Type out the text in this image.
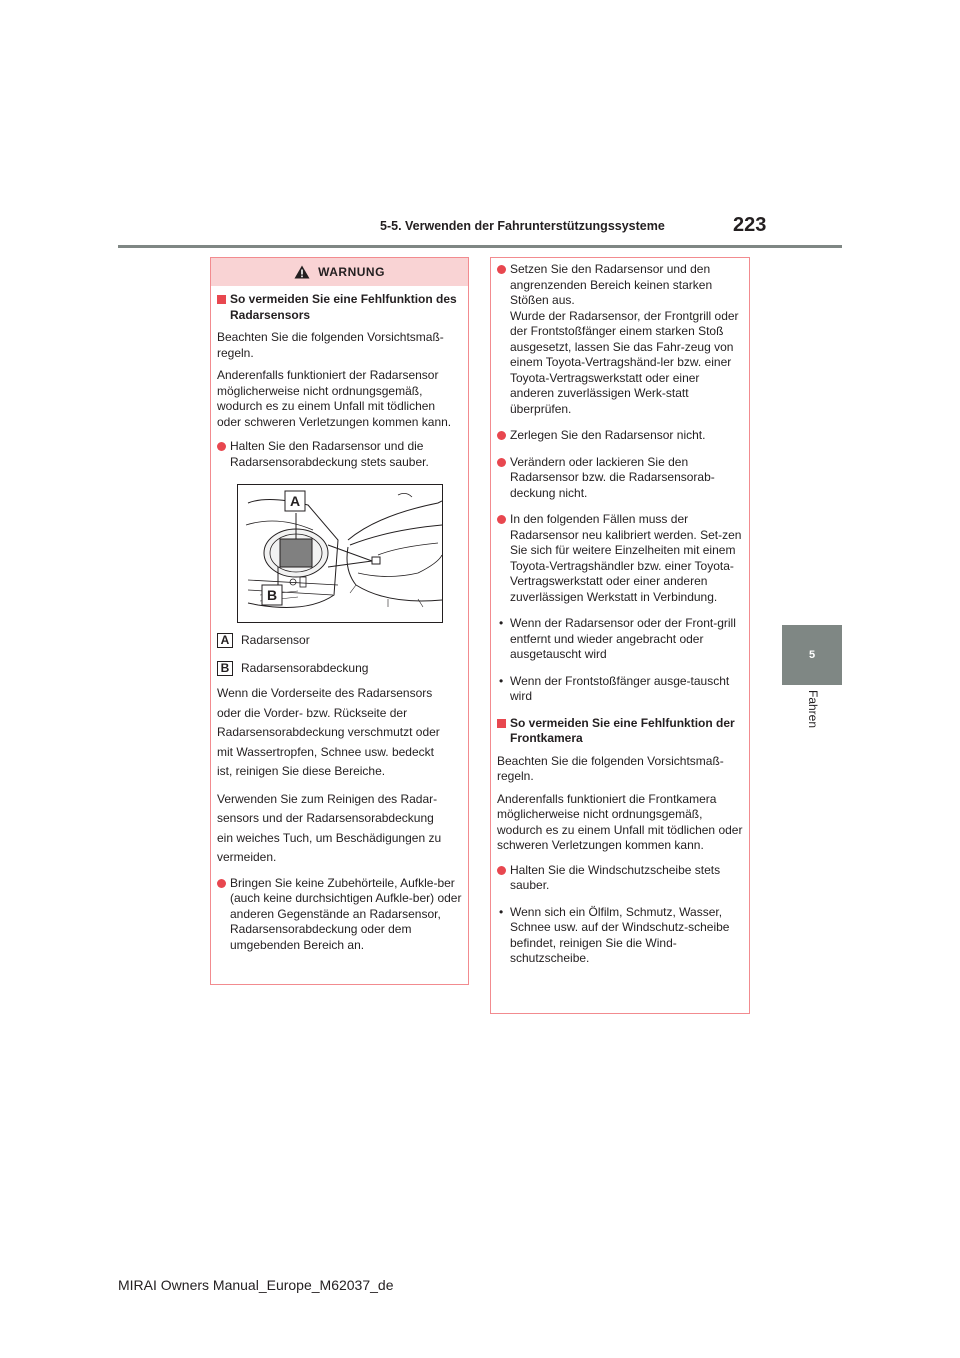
5-5. Verwenden der Fahrunterstützungssysteme	223
5
Fahren
WARNUNG
So vermeiden Sie eine Fehlfunktion des Radarsensors

Beachten Sie die folgenden Vorsichtsmaß-regeln.

Anderenfalls funktioniert der Radarsensor möglicherweise nicht ordnungsgemäß, wodurch es zu einem Unfall mit tödlichen oder schweren Verletzungen kommen kann.

Halten Sie den Radarsensor und die Radarsensorabdeckung stets sauber.
A
B
A Radarsensor
B Radarsensorabdeckung

Wenn die Vorderseite des Radarsensors

oder die Vorder- bzw. Rückseite der

Radarsensorabdeckung verschmutzt oder

mit Wassertropfen, Schnee usw. bedeckt

ist, reinigen Sie diese Bereiche.

Verwenden Sie zum Reinigen des Radar-

sensors und der Radarsensorabdeckung

ein weiches Tuch, um Beschädigungen zu

vermeiden.

Bringen Sie keine Zubehörteile, Aufkle-ber (auch keine durchsichtigen Aufkle-ber) oder anderen Gegenstände an Radarsensor, Radarsensorabdeckung oder dem umgebenden Bereich an.
Setzen Sie den Radarsensor und den angrenzenden Bereich keinen starken Stößen aus.
Wurde der Radarsensor, der Frontgrill oder der Frontstoßfänger einem starken Stoß ausgesetzt, lassen Sie das Fahr-zeug von einem Toyota-Vertragshänd-ler bzw. einer Toyota-Vertragswerkstatt oder einer anderen zuverlässigen Werk-statt überprüfen.
Zerlegen Sie den Radarsensor nicht.
Verändern oder lackieren Sie den Radarsensor bzw. die Radarsensorab-deckung nicht.
In den folgenden Fällen muss der Radarsensor neu kalibriert werden. Set-zen Sie sich für weitere Einzelheiten mit einem Toyota-Vertragshändler bzw. einer Toyota-Vertragswerkstatt oder einer anderen zuverlässigen Werkstatt in Verbindung.
• Wenn der Radarsensor oder der Front-grill entfernt und wieder angebracht oder ausgetauscht wird
• Wenn der Frontstoßfänger ausge-tauscht wird
So vermeiden Sie eine Fehlfunktion der Frontkamera

Beachten Sie die folgenden Vorsichtsmaß-regeln.

Anderenfalls funktioniert die Frontkamera möglicherweise nicht ordnungsgemäß, wodurch es zu einem Unfall mit tödlichen oder schweren Verletzungen kommen kann.

Halten Sie die Windschutzscheibe stets sauber.
• Wenn sich ein Ölfilm, Schmutz, Wasser, Schnee usw. auf der Windschutz-scheibe befindet, reinigen Sie die Wind-schutzscheibe.
MIRAI Owners Manual_Europe_M62037_de
